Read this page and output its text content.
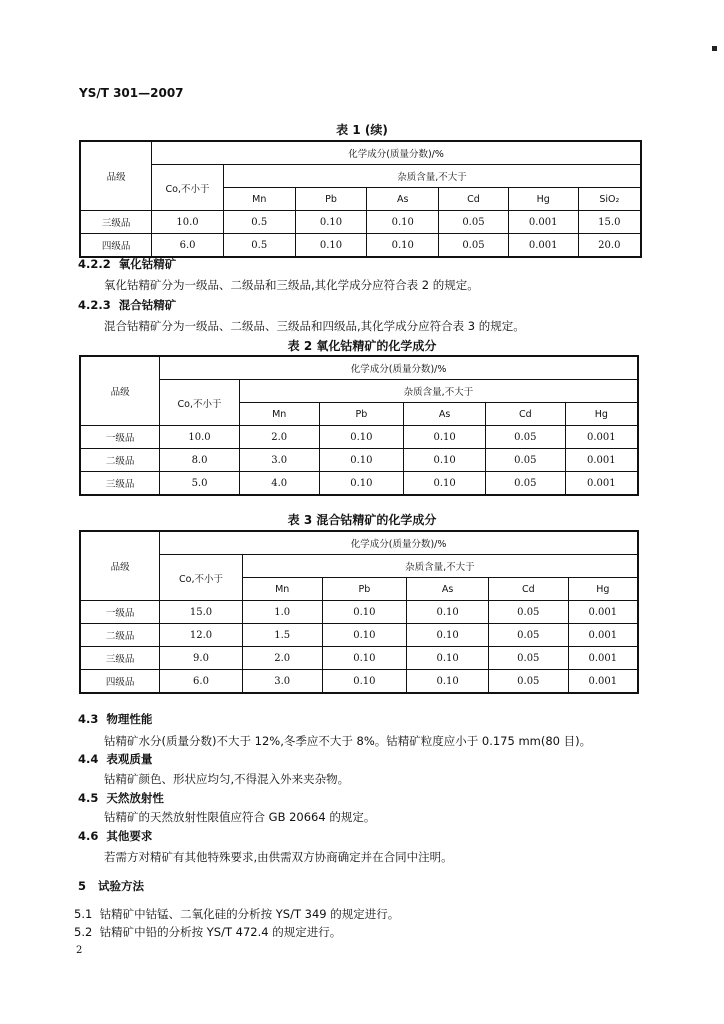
YS/T 301—2007
表 1 (续)
品级	化学成分(质量分数)/%						
	Co,不小于	杂质含量,不大于					
		Mn	Pb	As	Cd	Hg	SiO₂
三级品	10.0	0.5	0.10	0.10	0.05	0.001	15.0
四级品	6.0	0.5	0.10	0.10	0.05	0.001	20.0
4.2.2 氧化钴精矿
氧化钴精矿分为一级品、二级品和三级品,其化学成分应符合表 2 的规定。
4.2.3 混合钴精矿
混合钴精矿分为一级品、二级品、三级品和四级品,其化学成分应符合表 3 的规定。
表 2 氧化钴精矿的化学成分
品级	化学成分(质量分数)/%					
	Co,不小于	杂质含量,不大于				
		Mn	Pb	As	Cd	Hg
一级品	10.0	2.0	0.10	0.10	0.05	0.001
二级品	8.0	3.0	0.10	0.10	0.05	0.001
三级品	5.0	4.0	0.10	0.10	0.05	0.001
表 3 混合钴精矿的化学成分
品级	化学成分(质量分数)/%					
	Co,不小于	杂质含量,不大于				
		Mn	Pb	As	Cd	Hg
一级品	15.0	1.0	0.10	0.10	0.05	0.001
二级品	12.0	1.5	0.10	0.10	0.05	0.001
三级品	9.0	2.0	0.10	0.10	0.05	0.001
四级品	6.0	3.0	0.10	0.10	0.05	0.001
4.3 物理性能
钴精矿水分(质量分数)不大于 12%,冬季应不大于 8%。钴精矿粒度应小于 0.175 mm(80 目)。
4.4 表观质量
钴精矿颜色、形状应均匀,不得混入外来夹杂物。
4.5 天然放射性
钴精矿的天然放射性限值应符合 GB 20664 的规定。
4.6 其他要求
若需方对精矿有其他特殊要求,由供需双方协商确定并在合同中注明。
5 试验方法
5.1 钴精矿中钴锰、二氧化硅的分析按 YS/T 349 的规定进行。
5.2 钴精矿中铅的分析按 YS/T 472.4 的规定进行。
2
